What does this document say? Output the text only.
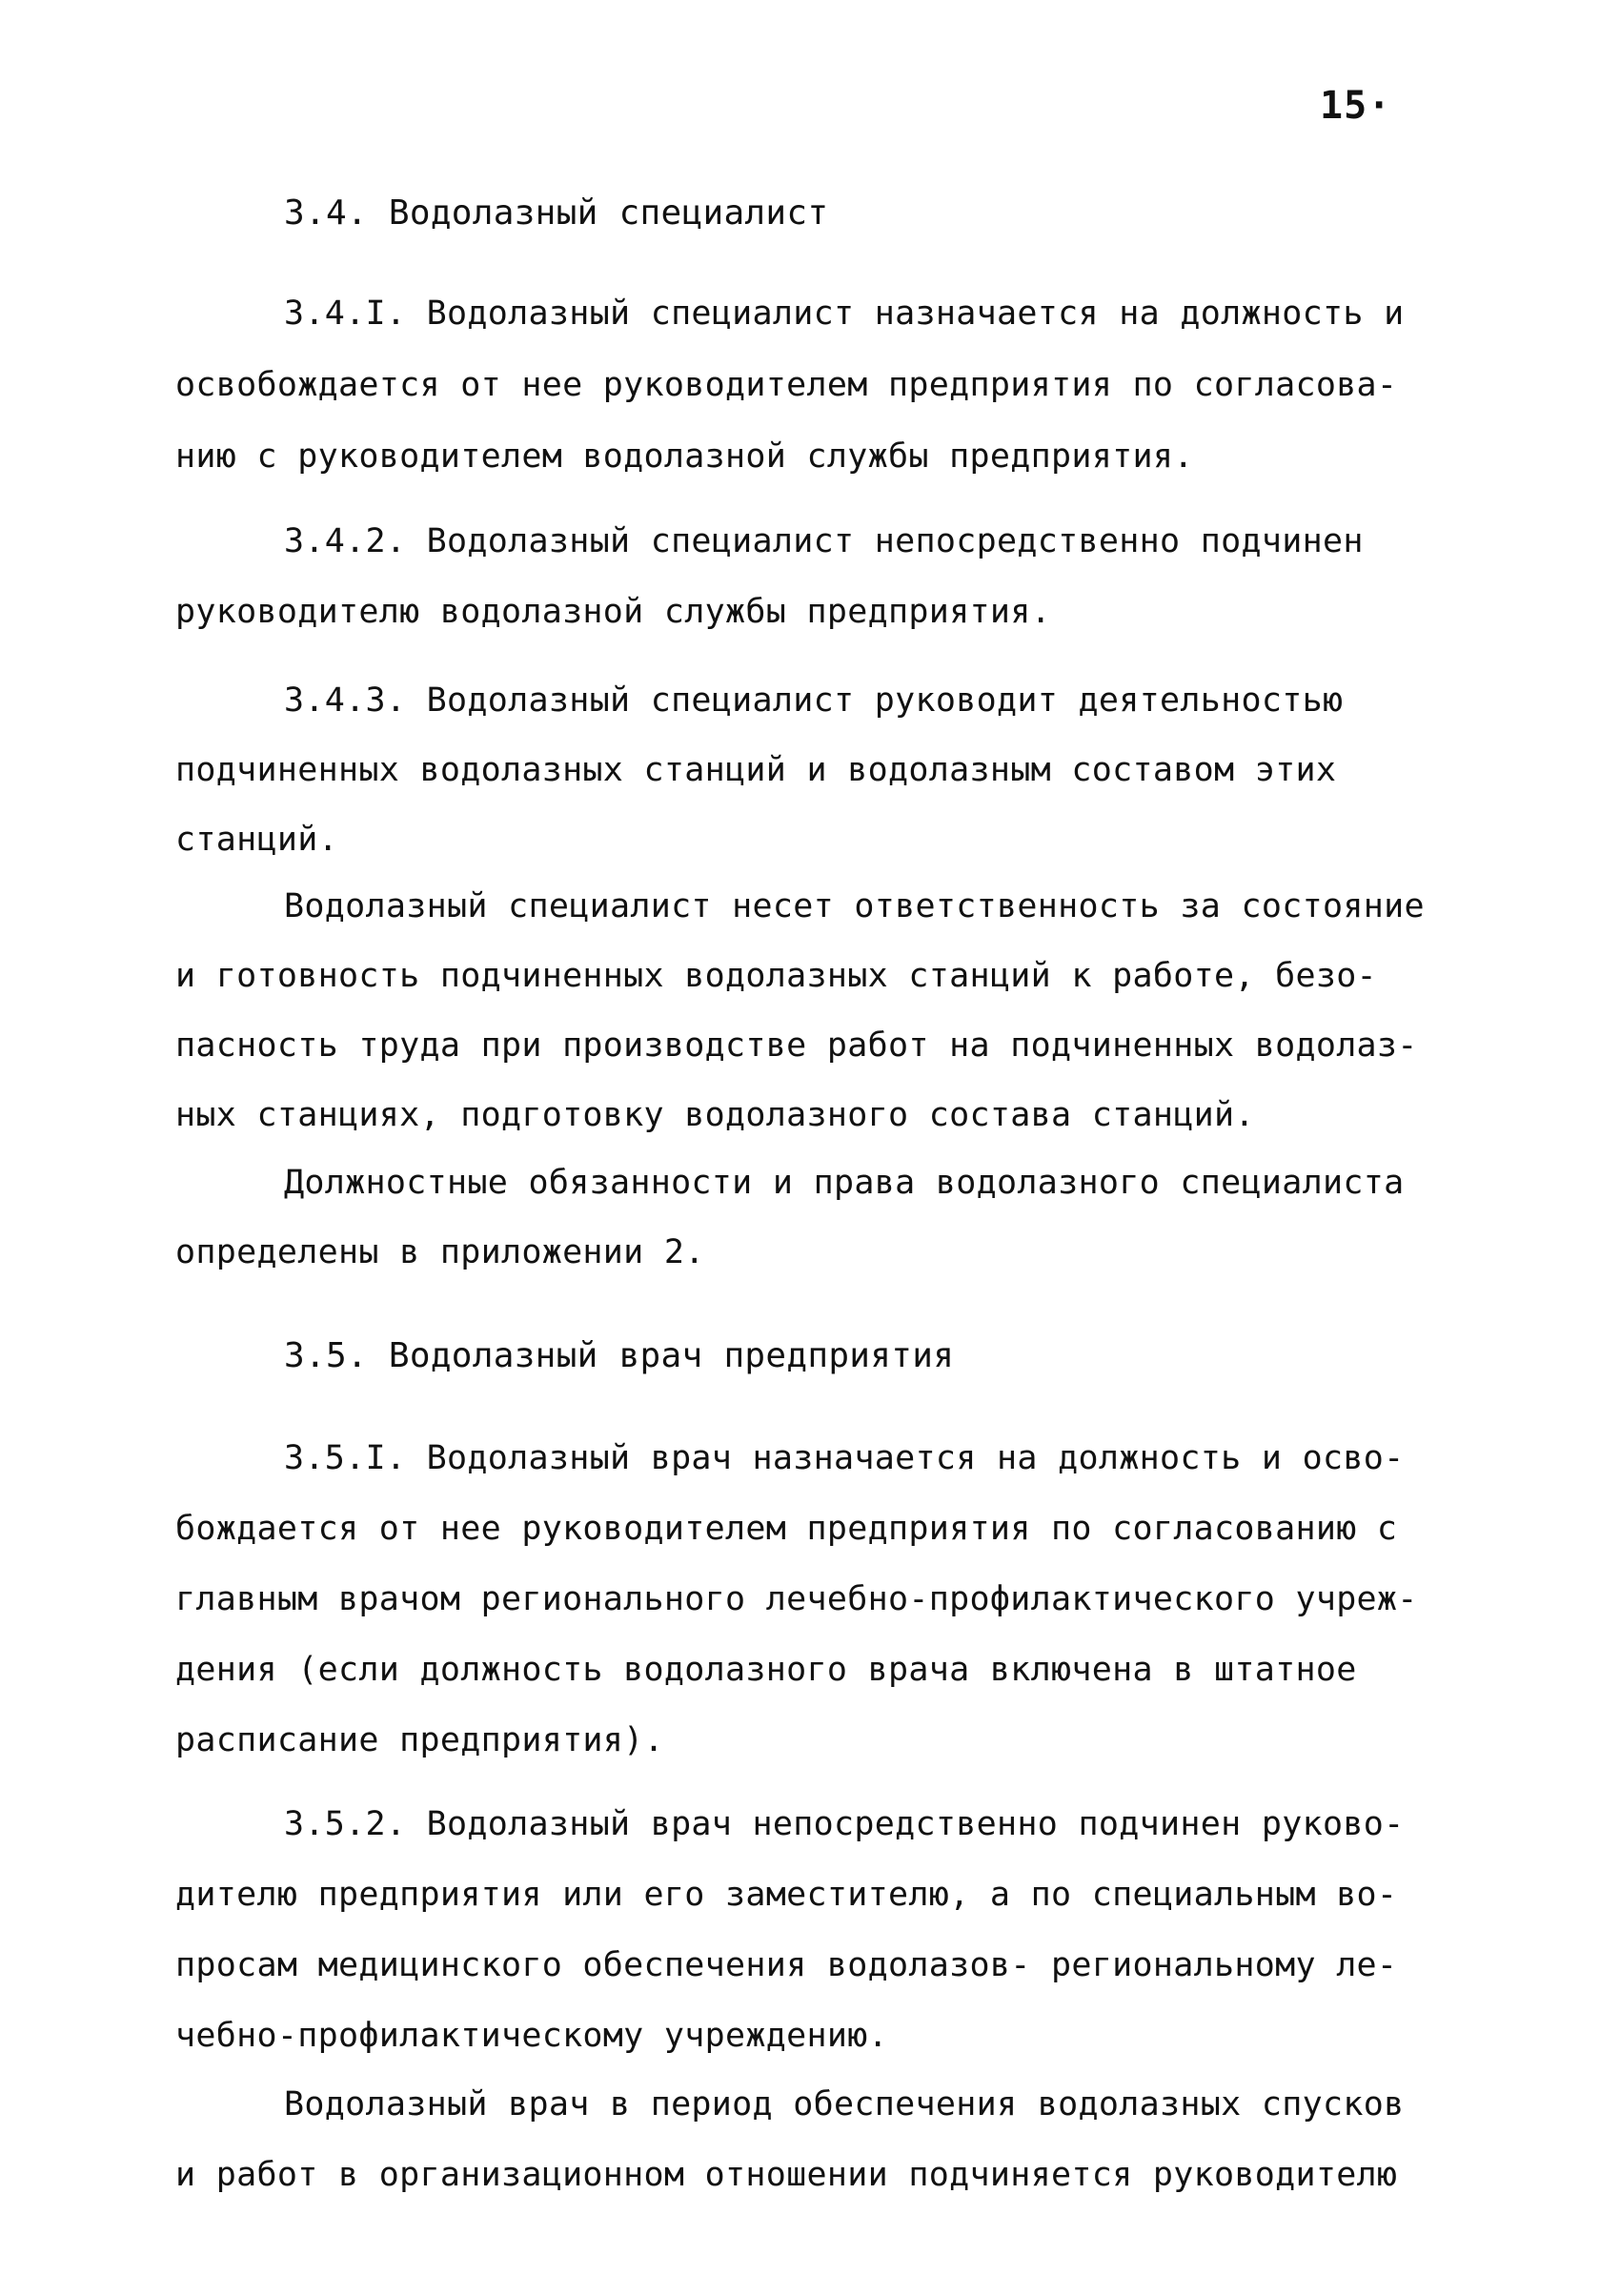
15·
3.4. Водолазный специалист
3.4.I. Водолазный специалист назначается на должность и
освобождается от нее руководителем предприятия по согласова-
нию с руководителем водолазной службы предприятия.
3.4.2. Водолазный специалист непосредственно подчинен
руководителю водолазной службы предприятия.
3.4.3. Водолазный специалист руководит деятельностью
подчиненных водолазных станций и водолазным составом этих
станций.
Водолазный специалист несет ответственность за состояние
и готовность подчиненных водолазных станций к работе, безо-
пасность труда при производстве работ на подчиненных водолаз-
ных станциях, подготовку водолазного состава станций.
Должностные обязанности и права водолазного специалиста
определены в приложении 2.
3.5. Водолазный врач предприятия
3.5.I. Водолазный врач назначается на должность и осво-
бождается от нее руководителем предприятия по согласованию с
главным врачом регионального лечебно-профилактического учреж-
дения (если должность водолазного врача включена в штатное
расписание предприятия).
3.5.2. Водолазный врач непосредственно подчинен руково-
дителю предприятия или его заместителю, а по специальным во-
просам медицинского обеспечения водолазов- региональному ле-
чебно-профилактическому учреждению.
Водолазный врач в период обеспечения водолазных спусков
и работ в организационном отношении подчиняется руководителю
